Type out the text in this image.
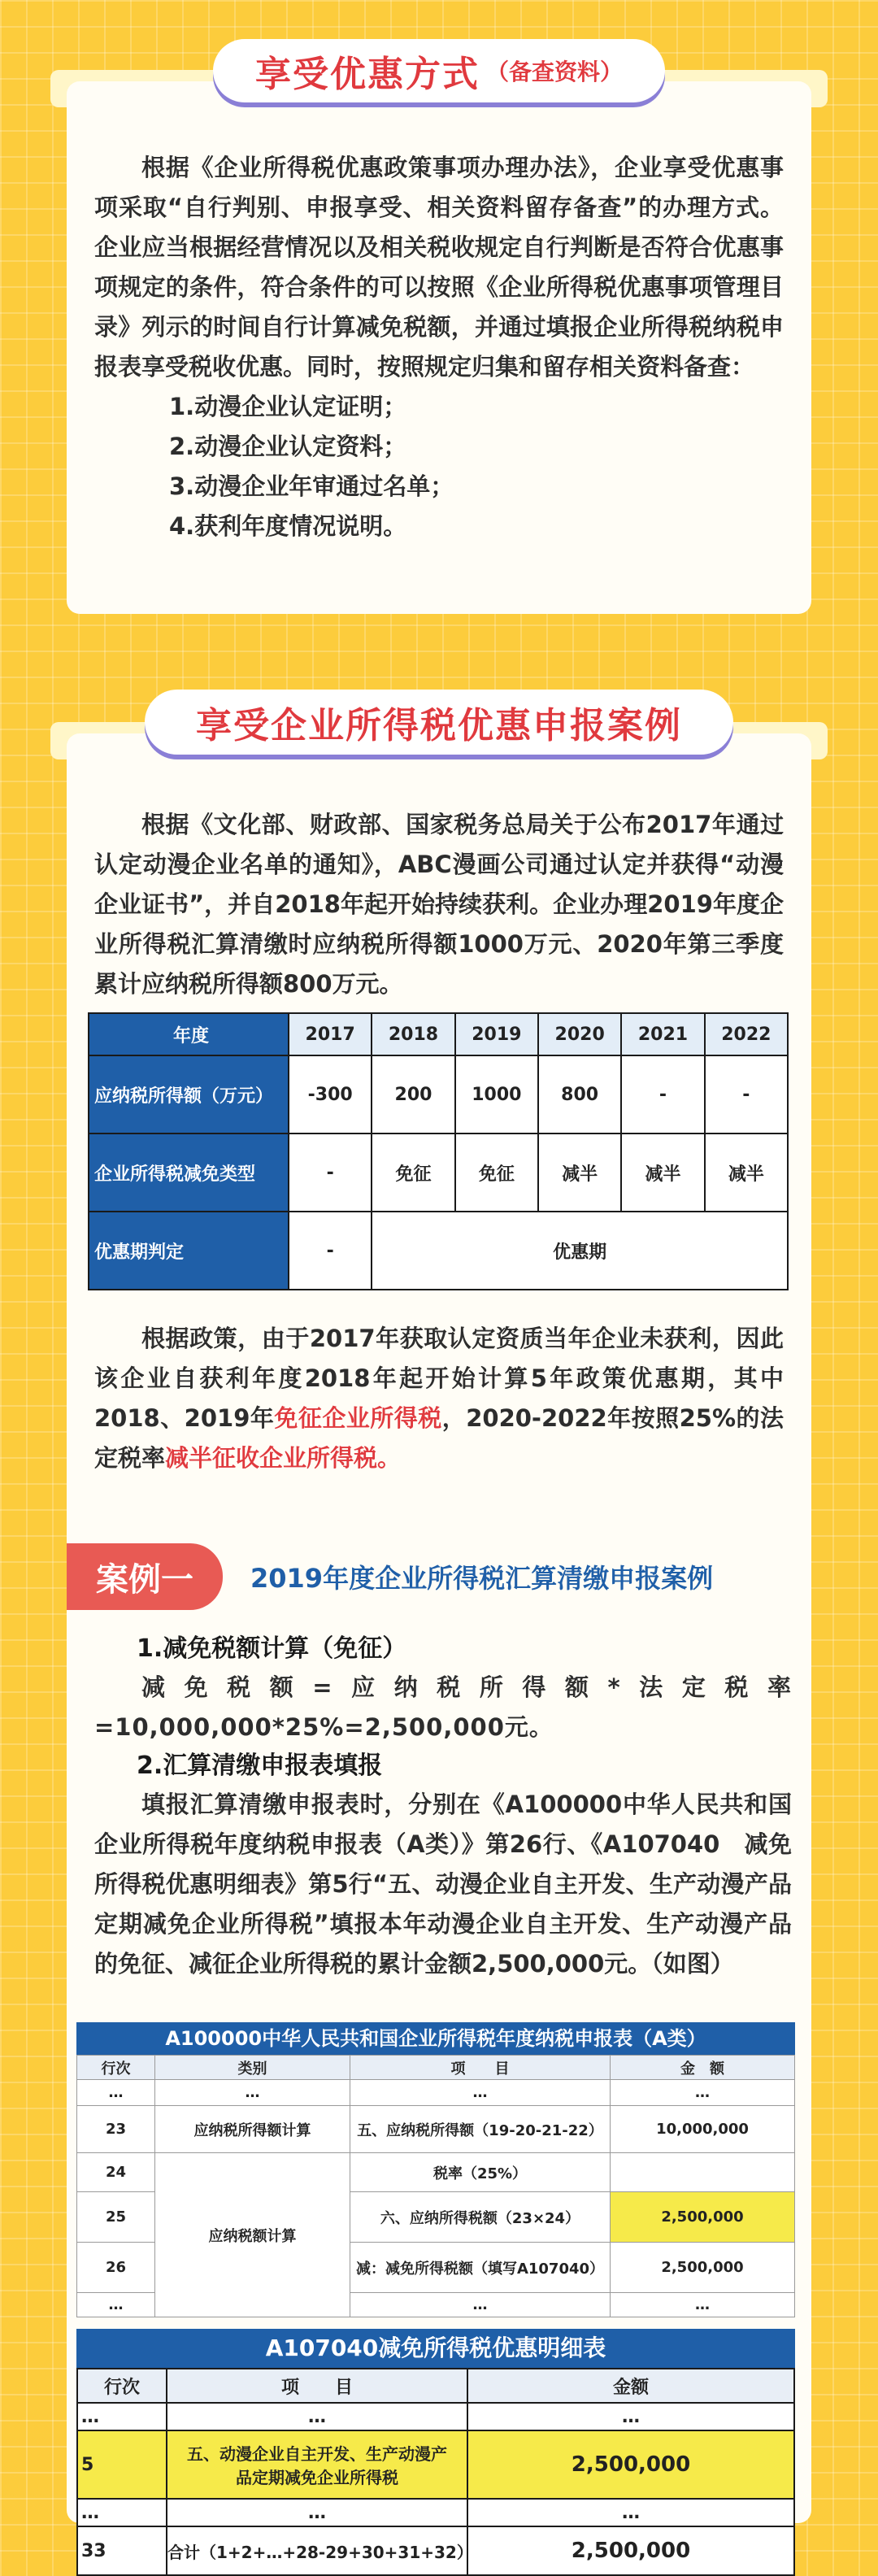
根据《企业所得税优惠政策事项办理办法》，企业享受优惠事项采取“自行判别、申报享受、相关资料留存备查”的办理方式。企业应当根据经营情况以及相关税收规定自行判断是否符合优惠事项规定的条件，符合条件的可以按照《企业所得税优惠事项管理目录》列示的时间自行计算减免税额，并通过填报企业所得税纳税申报表享受税收优惠。同时，按照规定归集和留存相关资料备查：

1.动漫企业认定证明；

2.动漫企业认定资料；

3.动漫企业年审通过名单；

4.获利年度情况说明。

享受优惠方式 （备查资料）

根据《文化部、财政部、国家税务总局关于公布2017年通过认定动漫企业名单的通知》，ABC漫画公司通过认定并获得“动漫企业证书”，并自2018年起开始持续获利。企业办理2019年度企业所得税汇算清缴时应纳税所得额1000万元、2020年第三季度累计应纳税所得额800万元。

享受企业所得税优惠申报案例
年度	2017	2018	2019	2020	2021	2022
应纳税所得额（万元）	-300	200	1000	800	-	-
企业所得税减免类型	-	免征	免征	减半	减半	减半
优惠期判定	-	优惠期				

根据政策，由于2017年获取认定资质当年企业未获利，因此该企业自获利年度2018年起开始计算5年政策优惠期，其中2018、2019年免征企业所得税，2020-2022年按照25%的法定税率减半征收企业所得税。

案例一	2019年度企业所得税汇算清缴申报案例

1.减免税额计算（免征）

减免税额=应纳税所得额*法定税率=10,000,000*25%=2,500,000元。

2.汇算清缴申报表填报

填报汇算清缴申报表时，分别在《A100000中华人民共和国企业所得税年度纳税申报表（A类）》第26行、《A107040　减免所得税优惠明细表》第5行“五、动漫企业自主开发、生产动漫产品定期减免企业所得税”填报本年动漫企业自主开发、生产动漫产品的免征、减征企业所得税的累计金额2,500,000元。（如图）

A100000中华人民共和国企业所得税年度纳税申报表（A类）
行次	类别	项　　目	金　额
…	…	…	…
23	应纳税所得额计算	五、应纳税所得额（19-20-21-22）	10,000,000
24	应纳税额计算	税率（25%）	
25		六、应纳所得税额（23×24）	2,500,000
26		减：减免所得税额（填写A107040）	2,500,000
…		…	…
A107040减免所得税优惠明细表
行次	项　　目	金额
…	…	…
5	五、动漫企业自主开发、生产动漫产品定期减免企业所得税	2,500,000
…	…	…
33	合计（1+2+…+28-29+30+31+32）	2,500,000
